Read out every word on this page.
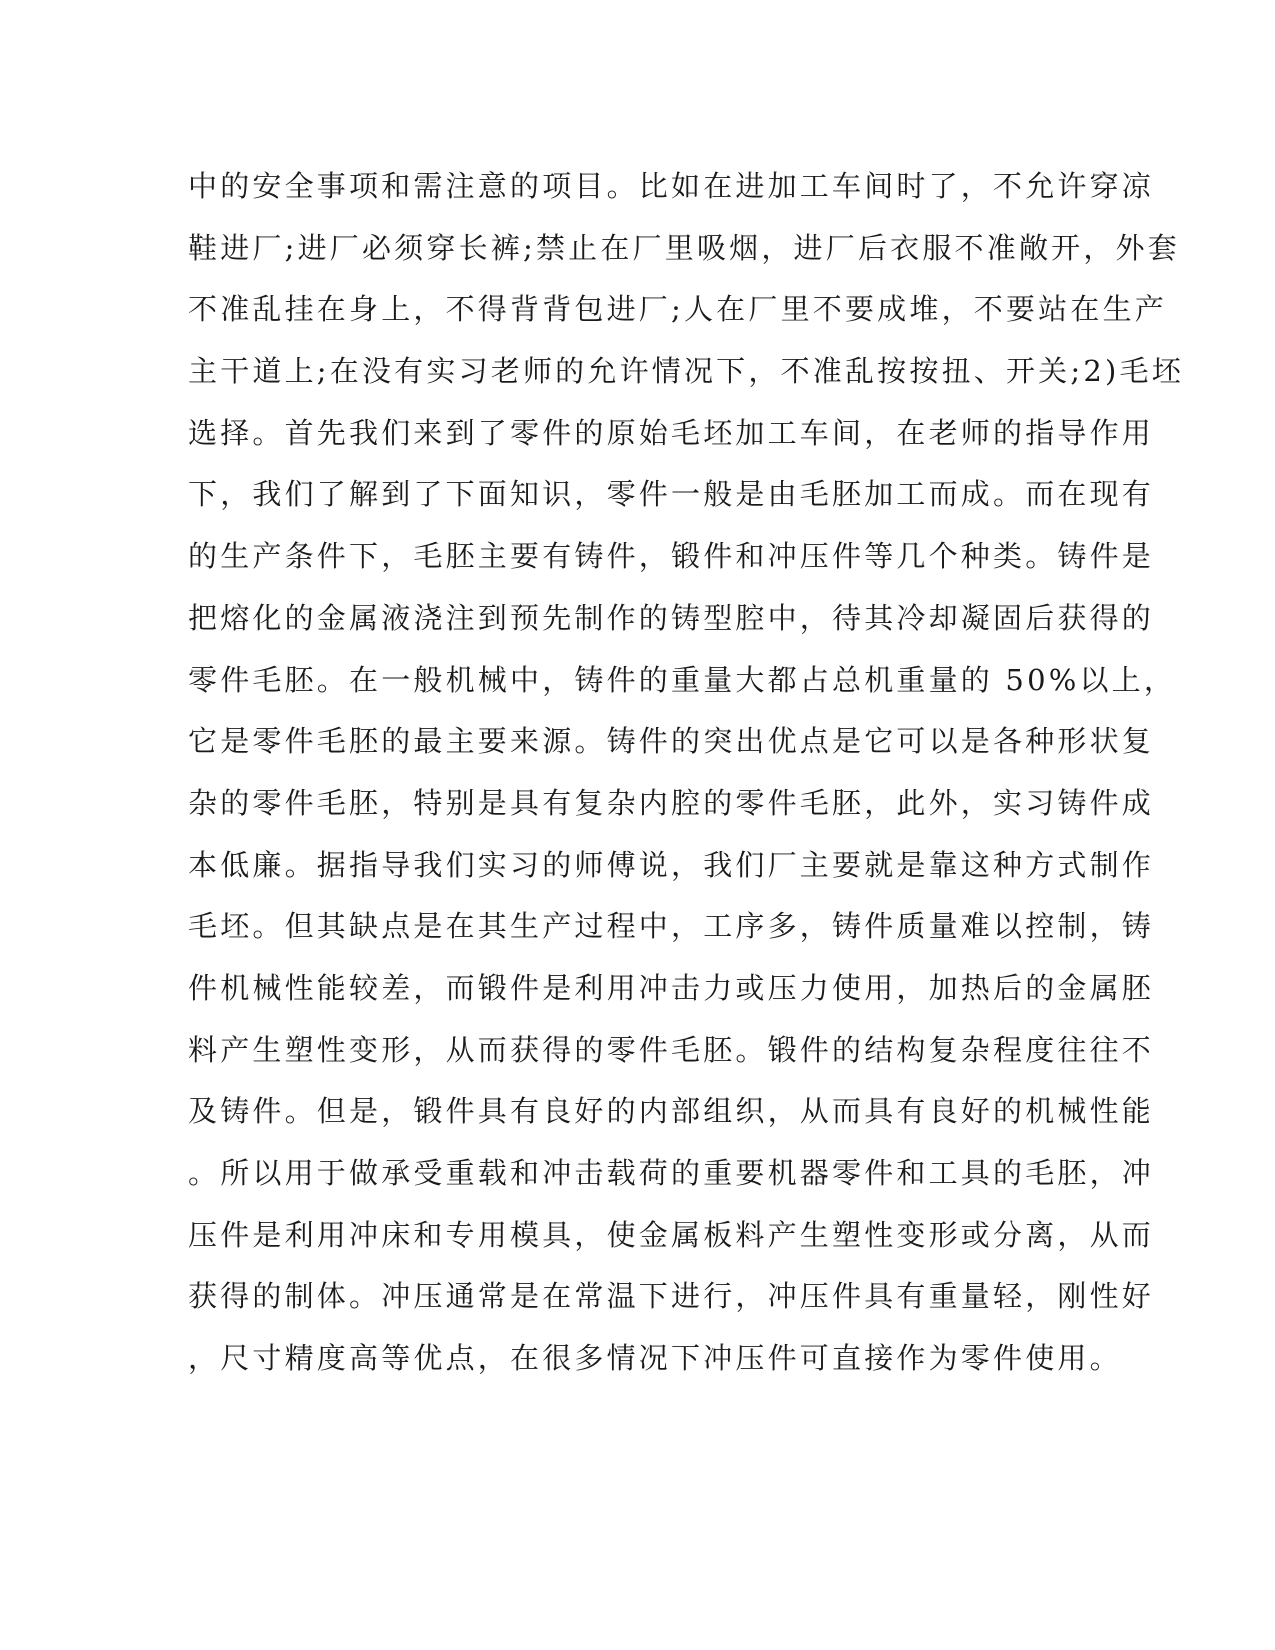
中的安全事项和需注意的项目。比如在进加工车间时了，不允许穿凉
鞋进厂;进厂必须穿长裤;禁止在厂里吸烟，进厂后衣服不准敞开，外套
不准乱挂在身上，不得背背包进厂;人在厂里不要成堆，不要站在生产
主干道上;在没有实习老师的允许情况下，不准乱按按扭、开关;2)毛坯
选择。首先我们来到了零件的原始毛坯加工车间，在老师的指导作用
下，我们了解到了下面知识，零件一般是由毛胚加工而成。而在现有
的生产条件下，毛胚主要有铸件，锻件和冲压件等几个种类。铸件是
把熔化的金属液浇注到预先制作的铸型腔中，待其冷却凝固后获得的
零件毛胚。在一般机械中，铸件的重量大都占总机重量的 50%以上，
它是零件毛胚的最主要来源。铸件的突出优点是它可以是各种形状复
杂的零件毛胚，特别是具有复杂内腔的零件毛胚，此外，实习铸件成
本低廉。据指导我们实习的师傅说，我们厂主要就是靠这种方式制作
毛坯。但其缺点是在其生产过程中，工序多，铸件质量难以控制，铸
件机械性能较差，而锻件是利用冲击力或压力使用，加热后的金属胚
料产生塑性变形，从而获得的零件毛胚。锻件的结构复杂程度往往不
及铸件。但是，锻件具有良好的内部组织，从而具有良好的机械性能
。所以用于做承受重载和冲击载荷的重要机器零件和工具的毛胚，冲
压件是利用冲床和专用模具，使金属板料产生塑性变形或分离，从而
获得的制体。冲压通常是在常温下进行，冲压件具有重量轻，刚性好
，尺寸精度高等优点，在很多情况下冲压件可直接作为零件使用。
